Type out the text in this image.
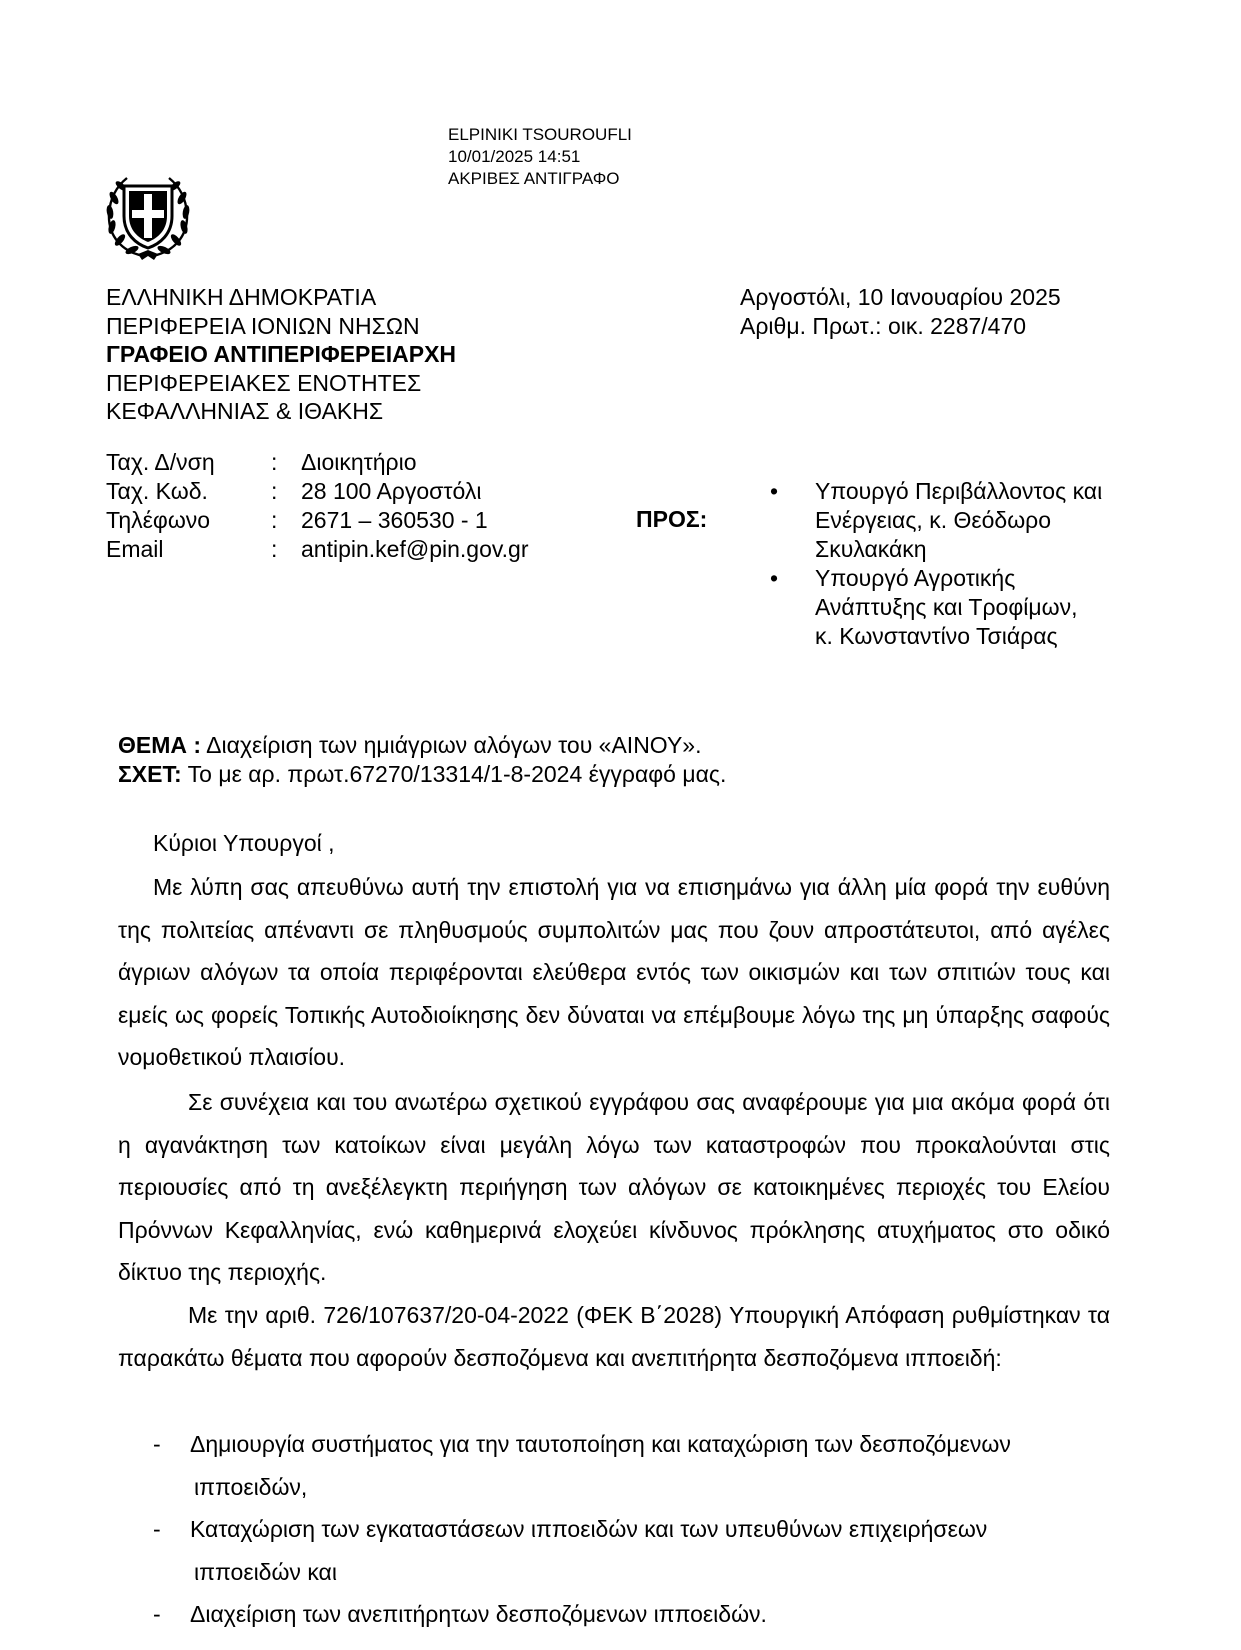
ELPINIKI TSOUROUFLI
10/01/2025 14:51
ΑΚΡΙΒΕΣ ΑΝΤΙΓΡΑΦΟ
ΕΛΛΗΝΙΚΗ ΔΗΜΟΚΡΑΤΙΑ
ΠΕΡΙΦΕΡΕΙΑ ΙΟΝΙΩΝ ΝΗΣΩΝ
ΓΡΑΦΕΙΟ ΑΝΤΙΠΕΡΙΦΕΡΕΙΑΡΧΗ
ΠΕΡΙΦΕΡΕΙΑΚΕΣ ΕΝΟΤΗΤΕΣ
ΚΕΦΑΛΛΗΝΙΑΣ & ΙΘΑΚΗΣ
Αργοστόλι, 10 Ιανουαρίου 2025
Αριθμ. Πρωτ.: οικ. 2287/470
Ταχ. Δ/νση	:	Διοικητήριο
Ταχ. Κωδ.	:	28 100 Αργοστόλι
Τηλέφωνο	:	2671 – 360530 - 1
Email	:	antipin.kef@pin.gov.gr
ΠΡΟΣ:
• Υπουργό Περιβάλλοντος και
Ενέργειας, κ. Θεόδωρο
Σκυλακάκη
• Υπουργό Αγροτικής
Ανάπτυξης και Τροφίμων,
κ. Κωνσταντίνο Τσιάρας
ΘΕΜΑ : Διαχείριση των ημιάγριων αλόγων του «ΑΙΝΟΥ».
ΣΧΕΤ: Το με αρ. πρωτ.67270/13314/1-8-2024 έγγραφό μας.
Κύριοι Υπουργοί ,
Με λύπη σας απευθύνω αυτή την επιστολή για να επισημάνω για άλλη μία φορά την ευθύνη της πολιτείας απέναντι σε πληθυσμούς συμπολιτών μας που ζουν απροστάτευτοι, από αγέλες άγριων αλόγων τα οποία περιφέρονται ελεύθερα εντός των οικισμών και των σπιτιών τους και εμείς ως φορείς Τοπικής Αυτοδιοίκησης δεν δύναται να επέμβουμε λόγω της μη ύπαρξης σαφούς νομοθετικού πλαισίου.
Σε συνέχεια και του ανωτέρω σχετικού εγγράφου σας αναφέρουμε για μια ακόμα φορά ότι η αγανάκτηση των κατοίκων είναι μεγάλη λόγω των καταστροφών που προκαλούνται στις περιουσίες από τη ανεξέλεγκτη περιήγηση των αλόγων σε κατοικημένες περιοχές του Ελείου Πρόννων Κεφαλληνίας, ενώ καθημερινά ελοχεύει κίνδυνος πρόκλησης ατυχήματος στο οδικό δίκτυο της περιοχής.
Με την αριθ. 726/107637/20-04-2022 (ΦΕΚ Β΄2028) Υπουργική Απόφαση ρυθμίστηκαν τα παρακάτω θέματα που αφορούν δεσποζόμενα και ανεπιτήρητα δεσποζόμενα ιπποειδή:
- Δημιουργία συστήματος για την ταυτοποίηση και καταχώριση των δεσποζόμενων
ιπποειδών,
- Καταχώριση των εγκαταστάσεων ιπποειδών και των υπευθύνων επιχειρήσεων
ιπποειδών και
- Διαχείριση των ανεπιτήρητων δεσποζόμενων ιπποειδών.
